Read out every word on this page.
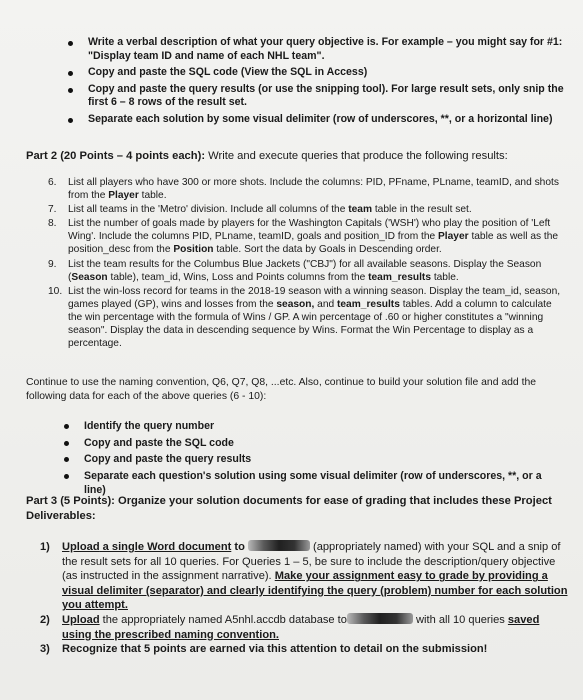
Write a verbal description of what your query objective is. For example – you might say for #1: "Display team ID and name of each NHL team".
Copy and paste the SQL code (View the SQL in Access)
Copy and paste the query results (or use the snipping tool). For large result sets, only snip the first 6 – 8 rows of the result set.
Separate each solution by some visual delimiter (row of underscores, **, or a horizontal line)
Part 2 (20 Points – 4 points each): Write and execute queries that produce the following results:
6. List all players who have 300 or more shots. Include the columns: PID, PFname, PLname, teamID, and shots from the Player table.
7. List all teams in the 'Metro' division. Include all columns of the team table in the result set.
8. List the number of goals made by players for the Washington Capitals ('WSH') who play the position of 'Left Wing'. Include the columns PID, PLname, teamID, goals and position_ID from the Player table as well as the position_desc from the Position table. Sort the data by Goals in Descending order.
9. List the team results for the Columbus Blue Jackets ("CBJ") for all available seasons. Display the Season (Season table), team_id, Wins, Loss and Points columns from the team_results table.
10. List the win-loss record for teams in the 2018-19 season with a winning season. Display the team_id, season, games played (GP), wins and losses from the season, and team_results tables. Add a column to calculate the win percentage with the formula of Wins / GP. A win percentage of .60 or higher constitutes a "winning season". Display the data in descending sequence by Wins. Format the Win Percentage to display as a percentage.
Continue to use the naming convention, Q6, Q7, Q8, ...etc. Also, continue to build your solution file and add the following data for each of the above queries (6 - 10):
Identify the query number
Copy and paste the SQL code
Copy and paste the query results
Separate each question's solution using some visual delimiter (row of underscores, **, or a line)
Part 3 (5 Points): Organize your solution documents for ease of grading that includes these Project Deliverables:
1) Upload a single Word document to	(appropriately named) with your SQL and a snip of the result sets for all 10 queries. For Queries 1 – 5, be sure to include the description/query objective (as instructed in the assignment narrative). Make your assignment easy to grade by providing a visual delimiter (separator) and clearly identifying the query (problem) number for each solution you attempt.
2) Upload the appropriately named A5nhl.accdb database to	with all 10 queries saved using the prescribed naming convention.
3) Recognize that 5 points are earned via this attention to detail on the submission!
